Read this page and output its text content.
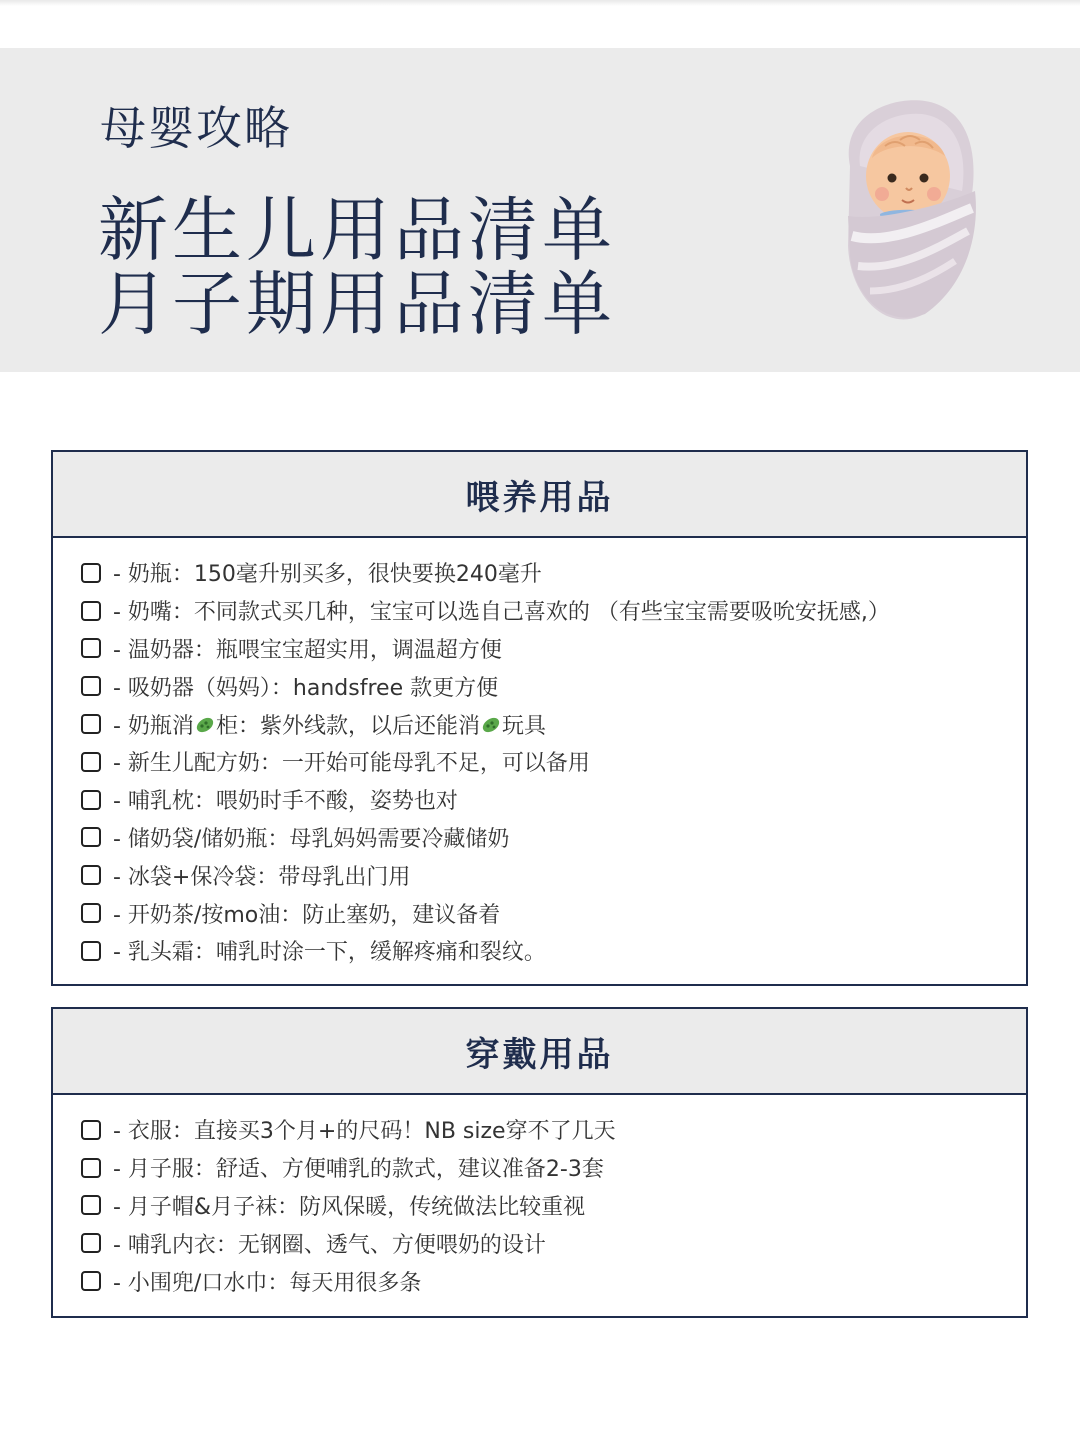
母婴攻略
新生儿用品清单
月子期用品清单
喂养用品
- 奶瓶：150毫升别买多，很快要换240毫升
- 奶嘴：不同款式买几种，宝宝可以选自己喜欢的 （有些宝宝需要吸吮安抚感,）
- 温奶器：瓶喂宝宝超实用，调温超方便
- 吸奶器（妈妈）：handsfree 款更方便
- 奶瓶消 柜：紫外线款，以后还能消 玩具
- 新生儿配方奶：一开始可能母乳不足，可以备用
- 哺乳枕：喂奶时手不酸，姿势也对
- 储奶袋/储奶瓶：母乳妈妈需要冷藏储奶
- 冰袋+保冷袋：带母乳出门用
- 开奶茶/按mo油：防止塞奶，建议备着
- 乳头霜：哺乳时涂一下，缓解疼痛和裂纹。
穿戴用品
- 衣服：直接买3个月+的尺码！NB size穿不了几天
- 月子服：舒适、方便哺乳的款式，建议准备2-3套
- 月子帽&月子袜：防风保暖，传统做法比较重视
- 哺乳内衣：无钢圈、透气、方便喂奶的设计
- 小围兜/口水巾：每天用很多条
